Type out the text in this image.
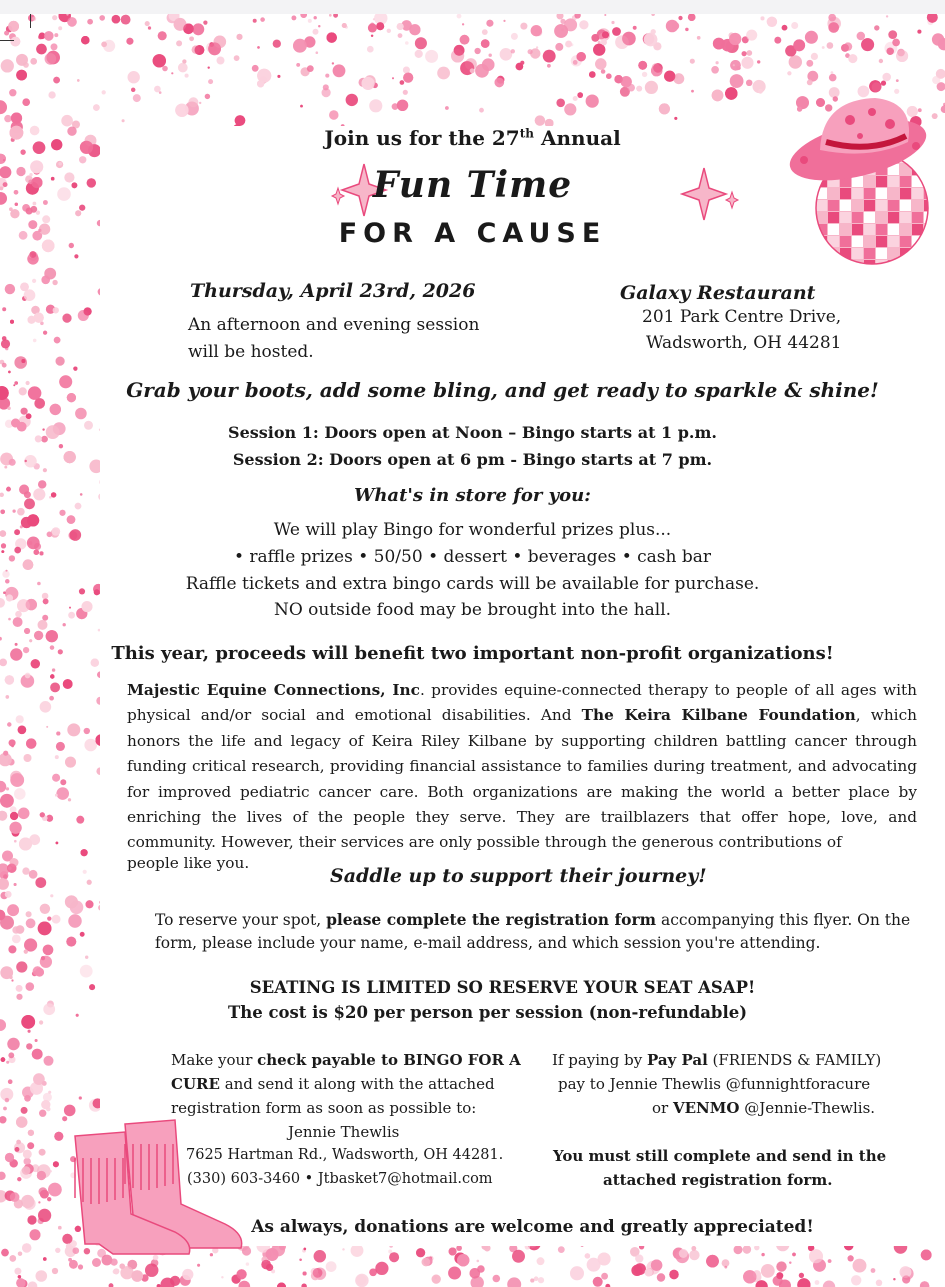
Join us for the 27th Annual

Fun Time

FOR A CAUSE

Thursday, April 23rd, 2026

An afternoon and evening session

will be hosted.

Galaxy Restaurant

201 Park Centre Drive,

Wadsworth, OH 44281

Grab your boots, add some bling, and get ready to sparkle & shine!

Session 1: Doors open at Noon – Bingo starts at 1 p.m.

Session 2: Doors open at 6 pm - Bingo starts at 7 pm.

What's in store for you:

We will play Bingo for wonderful prizes plus...

• raffle prizes • 50/50 • dessert • beverages • cash bar

Raffle tickets and extra bingo cards will be available for purchase.

NO outside food may be brought into the hall.

This year, proceeds will benefit two important non-profit organizations!

Majestic Equine Connections, Inc. provides equine-connected therapy to people of all ages with physical and/or social and emotional disabilities. And The Keira Kilbane Foundation, which honors the life and legacy of Keira Riley Kilbane by supporting children battling cancer through funding critical research, providing financial assistance to families during treatment, and advocating for improved pediatric cancer care. Both organizations are making the world a better place by enriching the lives of the people they serve. They are trailblazers that offer hope, love, and community. However, their services are only possible through the generous contributions of

people like you.

Saddle up to support their journey!

To reserve your spot, please complete the registration form accompanying this flyer. On the

form, please include your name, e-mail address, and which session you're attending.

SEATING IS LIMITED SO RESERVE YOUR SEAT ASAP!

The cost is $20 per person per session (non-refundable)

Make your check payable to BINGO FOR A

CURE and send it along with the attached

registration form as soon as possible to:

Jennie Thewlis

7625 Hartman Rd., Wadsworth, OH 44281.

(330) 603-3460 • Jtbasket7@hotmail.com

If paying by Pay Pal (FRIENDS & FAMILY)

pay to Jennie Thewlis @funnightforacure

or VENMO @Jennie-Thewlis.

You must still complete and send in the

attached registration form.

As always, donations are welcome and greatly appreciated!
